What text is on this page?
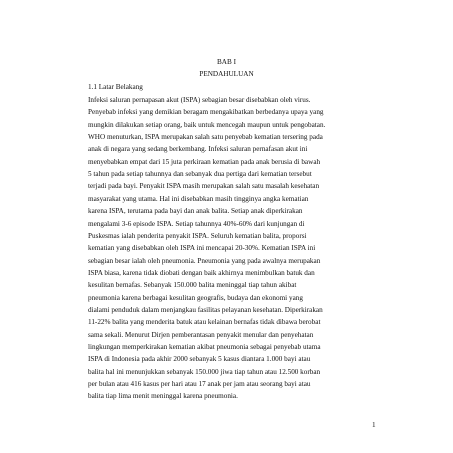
BAB I
PENDAHULUAN
1.1 Latar Belakang
Infeksi saluran pernapasan akut (ISPA) sebagian besar disebabkan oleh virus.
Penyebab infeksi yang demikian beragam mengakibatkan berbedanya upaya yang
mungkin dilakukan setiap orang, baik untuk mencegah maupun untuk pengobatan.
WHO menuturkan, ISPA merupakan salah satu penyebab kematian tersering pada
anak di negara yang sedang berkembang. Infeksi saluran pernafasan akut ini
menyebabkan empat dari 15 juta perkiraan kematian pada anak berusia di bawah
5 tahun pada setiap tahunnya dan sebanyak dua pertiga dari kematian tersebut
terjadi pada bayi. Penyakit ISPA masih merupakan salah satu masalah kesehatan
masyarakat yang utama. Hal ini disebabkan masih tingginya angka kematian
karena ISPA, terutama pada bayi dan anak balita. Setiap anak diperkirakan
mengalami 3-6 episode ISPA. Setiap tahunnya 40%-60% dari kunjungan di
Puskesmas ialah penderita penyakit ISPA. Seluruh kematian balita, proporsi
kematian yang disebabkan oleh ISPA ini mencapai 20-30%. Kematian ISPA ini
sebagian besar ialah oleh pneumonia. Pneumonia yang pada awalnya merupakan
ISPA biasa, karena tidak diobati dengan baik akhirnya menimbulkan batuk dan
kesulitan bernafas. Sebanyak 150.000 balita meninggal tiap tahun akibat
pneumonia karena berbagai kesulitan geografis, budaya dan ekonomi yang
dialami penduduk dalam menjangkau fasilitas pelayanan kesehatan. Diperkirakan
11-22% balita yang menderita batuk atau kelainan bernafas tidak dibawa berobat
sama sekali. Menurut Dirjen pemberantasan penyakit menular dan penyehatan
lingkungan memperkirakan kematian akibat pneumonia sebagai penyebab utama
ISPA di Indonesia pada akhir 2000 sebanyak 5 kasus diantara 1.000 bayi atau
balita hal ini menunjukkan sebanyak 150.000 jiwa tiap tahun atau 12.500 korban
per bulan atau 416 kasus per hari atau 17 anak per jam atau seorang bayi atau
balita tiap lima menit meninggal karena pneumonia.
1
